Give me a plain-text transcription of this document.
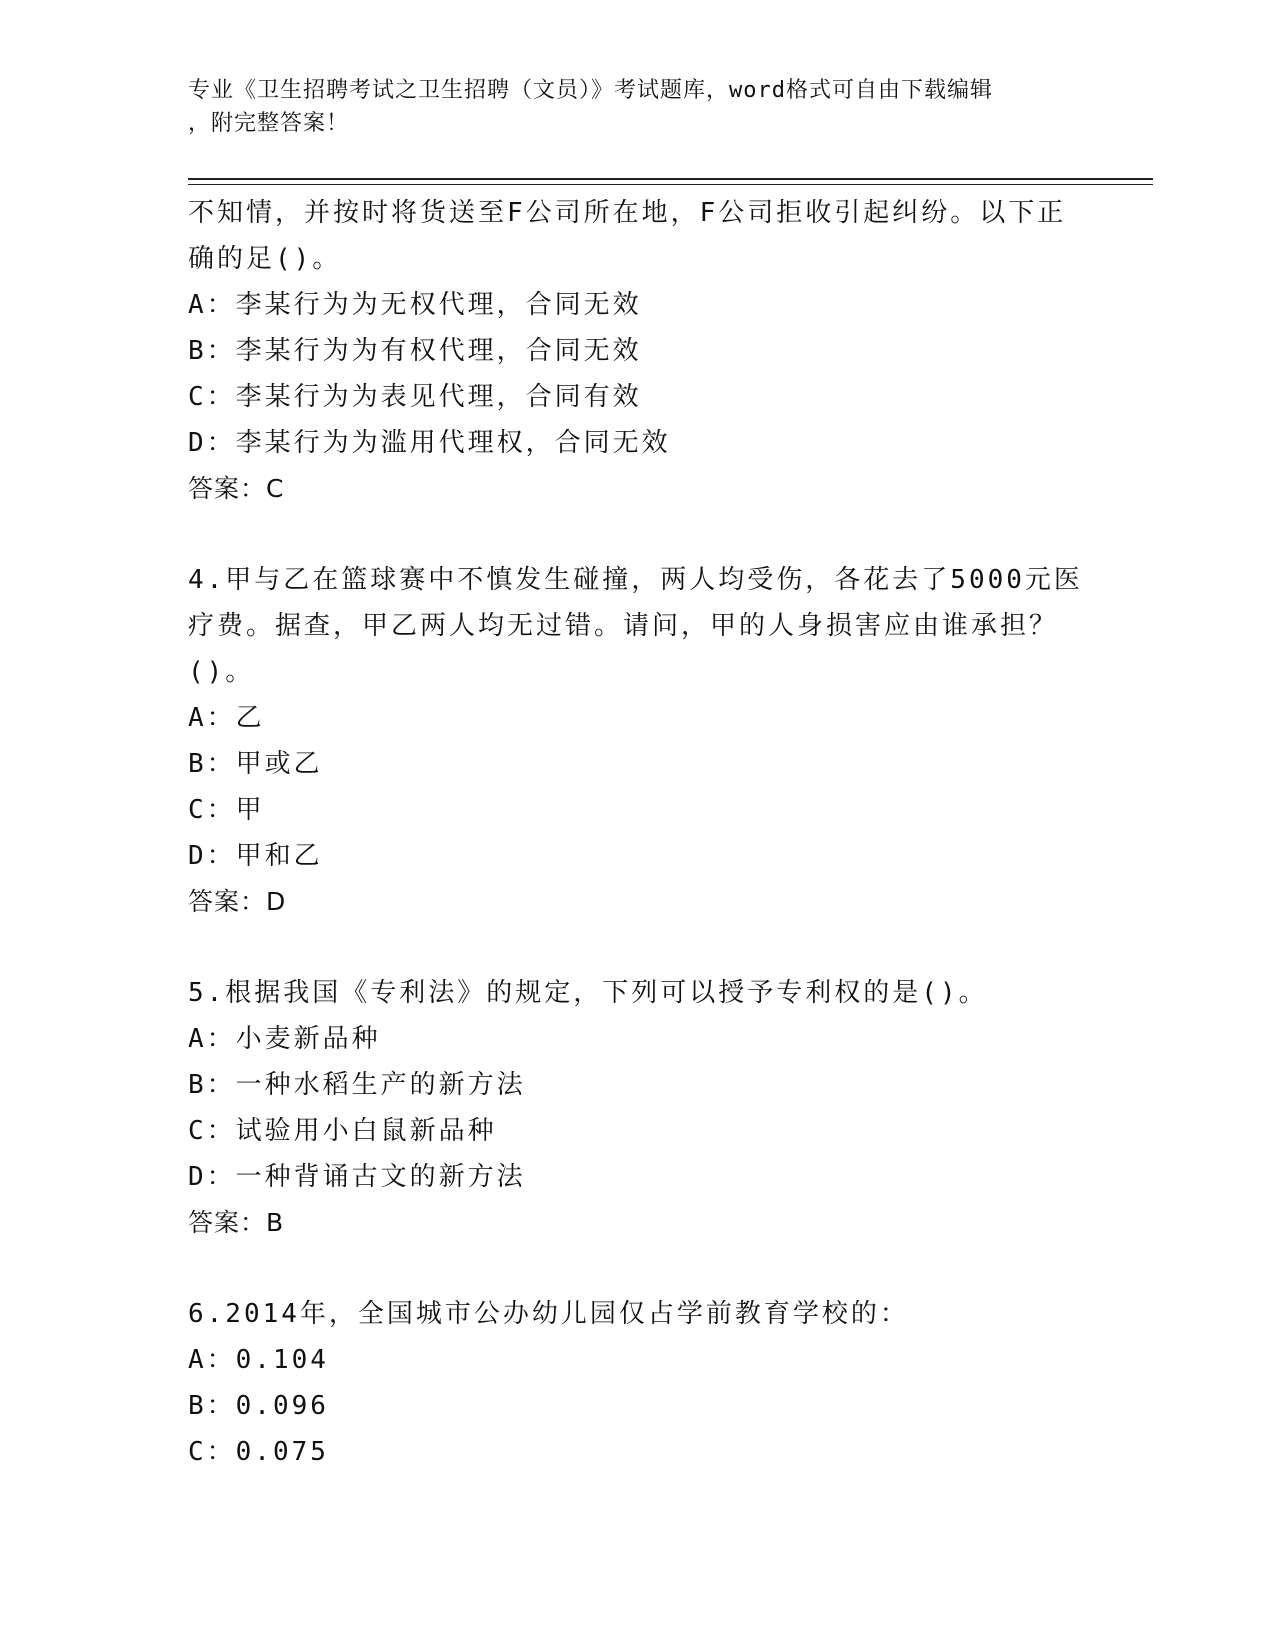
专业《卫生招聘考试之卫生招聘（文员）》考试题库，word格式可自由下载编辑
，附完整答案！
不知情，并按时将货送至F公司所在地，F公司拒收引起纠纷。以下正
确的足()。
A：李某行为为无权代理，合同无效
B：李某行为为有权代理，合同无效
C：李某行为为表见代理，合同有效
D：李某行为为滥用代理权，合同无效
答案：C
4.甲与乙在篮球赛中不慎发生碰撞，两人均受伤，各花去了5000元医
疗费。据查，甲乙两人均无过错。请问，甲的人身损害应由谁承担？
()。
A：乙
B：甲或乙
C：甲
D：甲和乙
答案：D
5.根据我国《专利法》的规定，下列可以授予专利权的是()。
A：小麦新品种
B：一种水稻生产的新方法
C：试验用小白鼠新品种
D：一种背诵古文的新方法
答案：B
6.2014年，全国城市公办幼儿园仅占学前教育学校的：
A：0.104
B：0.096
C：0.075
